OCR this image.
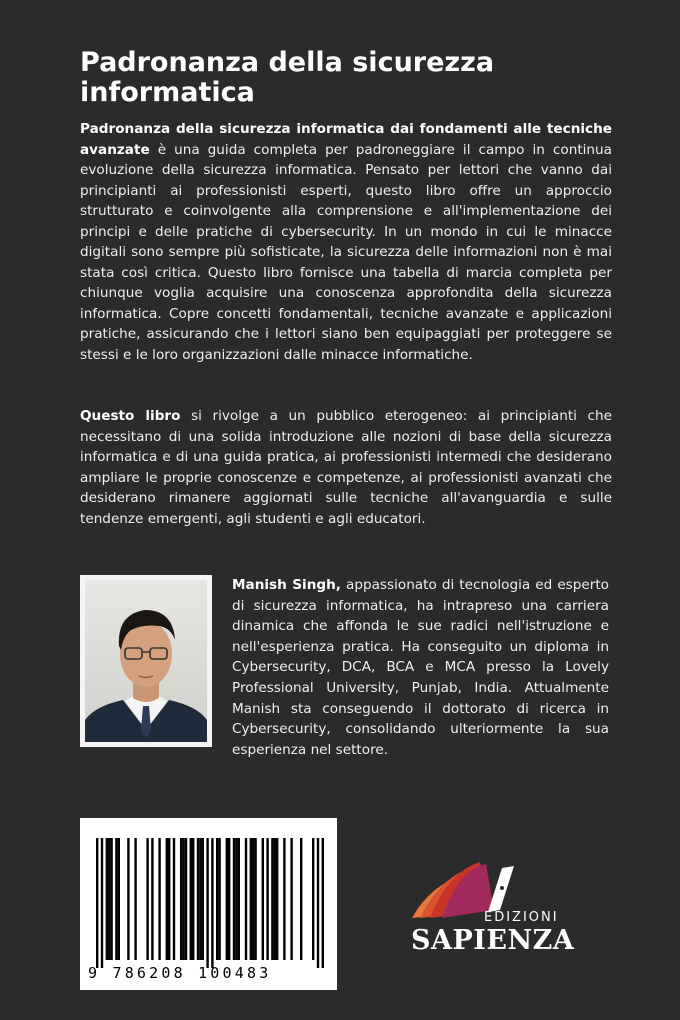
Padronanza della sicurezza informatica

Padronanza della sicurezza informatica dai fondamenti alle tecniche avanzate è una guida completa per padroneggiare il campo in continua evoluzione della sicurezza informatica. Pensato per lettori che vanno dai principianti ai professionisti esperti, questo libro offre un approccio strutturato e coinvolgente alla comprensione e all'implementazione dei principi e delle pratiche di cybersecurity. In un mondo in cui le minacce digitali sono sempre più sofisticate, la sicurezza delle informazioni non è mai stata così critica. Questo libro fornisce una tabella di marcia completa per chiunque voglia acquisire una conoscenza approfondita della sicurezza informatica. Copre concetti fondamentali, tecniche avanzate e applicazioni pratiche, assicurando che i lettori siano ben equipaggiati per proteggere se stessi e le loro organizzazioni dalle minacce informatiche.

Questo libro si rivolge a un pubblico eterogeneo: ai principianti che necessitano di una solida introduzione alle nozioni di base della sicurezza informatica e di una guida pratica, ai professionisti intermedi che desiderano ampliare le proprie conoscenze e competenze, ai professionisti avanzati che desiderano rimanere aggiornati sulle tecniche all'avanguardia e sulle tendenze emergenti, agli studenti e agli educatori.

Manish Singh, appassionato di tecnologia ed esperto di sicurezza informatica, ha intrapreso una carriera dinamica che affonda le sue radici nell'istruzione e nell'esperienza pratica. Ha conseguito un diploma in Cybersecurity, DCA, BCA e MCA presso la Lovely Professional University, Punjab, India. Attualmente Manish sta conseguendo il dottorato di ricerca in Cybersecurity, consolidando ulteriormente la sua esperienza nel settore.

9 786208 100483
EDIZIONI
SAPIENZA
